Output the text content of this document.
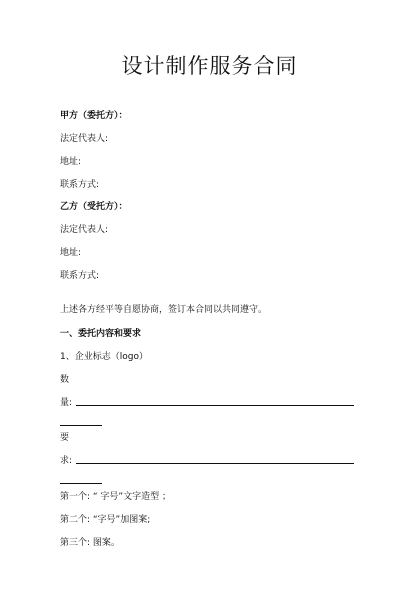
设计制作服务合同
甲方（委托方）：
法定代表人:
地址:
联系方式:
乙方（受托方）：
法定代表人:
地址:
联系方式:
上述各方经平等自愿协商，签订本合同以共同遵守。
一、委托内容和要求
1、企业标志（logo）
数
量:
要
求:
第一个: “ 字号”文字造型 ；
第二个: “字号”加图案;
第三个: 图案。
